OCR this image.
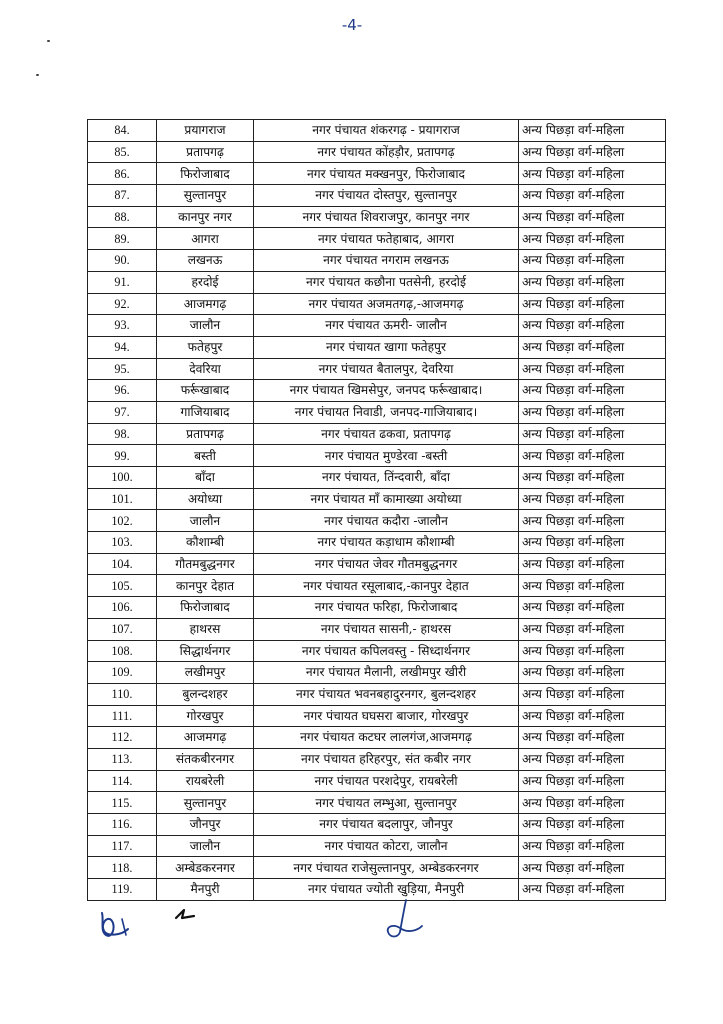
-4-
84.	प्रयागराज	नगर पंचायत शंकरगढ़ - प्रयागराज	अन्य पिछड़ा वर्ग-महिला
85.	प्रतापगढ़	नगर पंचायत कोंहड़ौर, प्रतापगढ़	अन्य पिछड़ा वर्ग-महिला
86.	फिरोजाबाद	नगर पंचायत मक्खनपुर, फिरोजाबाद	अन्य पिछड़ा वर्ग-महिला
87.	सुल्तानपुर	नगर पंचायत दोस्तपुर, सुल्तानपुर	अन्य पिछड़ा वर्ग-महिला
88.	कानपुर नगर	नगर पंचायत शिवराजपुर, कानपुर नगर	अन्य पिछड़ा वर्ग-महिला
89.	आगरा	नगर पंचायत फतेहाबाद, आगरा	अन्य पिछड़ा वर्ग-महिला
90.	लखनऊ	नगर पंचायत नगराम लखनऊ	अन्य पिछड़ा वर्ग-महिला
91.	हरदोई	नगर पंचायत कछौना पतसेनी, हरदोई	अन्य पिछड़ा वर्ग-महिला
92.	आजमगढ़	नगर पंचायत अजमतगढ़,-आजमगढ़	अन्य पिछड़ा वर्ग-महिला
93.	जालौन	नगर पंचायत ऊमरी- जालौन	अन्य पिछड़ा वर्ग-महिला
94.	फतेहपुर	नगर पंचायत खागा फतेहपुर	अन्य पिछड़ा वर्ग-महिला
95.	देवरिया	नगर पंचायत बैतालपुर, देवरिया	अन्य पिछड़ा वर्ग-महिला
96.	फर्रूखाबाद	नगर पंचायत खिमसेपुर, जनपद फर्रूखाबाद।	अन्य पिछड़ा वर्ग-महिला
97.	गाजियाबाद	नगर पंचायत निवाडी, जनपद-गाजियाबाद।	अन्य पिछड़ा वर्ग-महिला
98.	प्रतापगढ़	नगर पंचायत ढकवा, प्रतापगढ़	अन्य पिछड़ा वर्ग-महिला
99.	बस्ती	नगर पंचायत मुण्डेरवा -बस्ती	अन्य पिछड़ा वर्ग-महिला
100.	बाँदा	नगर पंचायत, तिंन्दवारी, बाँदा	अन्य पिछड़ा वर्ग-महिला
101.	अयोध्या	नगर पंचायत माँ कामाख्या अयोध्या	अन्य पिछड़ा वर्ग-महिला
102.	जालौन	नगर पंचायत कदौरा -जालौन	अन्य पिछड़ा वर्ग-महिला
103.	कौशाम्बी	नगर पंचायत कड़ाधाम कौशाम्बी	अन्य पिछड़ा वर्ग-महिला
104.	गौतमबुद्धनगर	नगर पंचायत जेवर गौतमबुद्धनगर	अन्य पिछड़ा वर्ग-महिला
105.	कानपुर देहात	नगर पंचायत रसूलाबाद,-कानपुर देहात	अन्य पिछड़ा वर्ग-महिला
106.	फिरोजाबाद	नगर पंचायत फरिहा, फिरोजाबाद	अन्य पिछड़ा वर्ग-महिला
107.	हाथरस	नगर पंचायत सासनी,- हाथरस	अन्य पिछड़ा वर्ग-महिला
108.	सिद्धार्थनगर	नगर पंचायत कपिलवस्तु - सिध्दार्थनगर	अन्य पिछड़ा वर्ग-महिला
109.	लखीमपुर	नगर पंचायत मैलानी, लखीमपुर खीरी	अन्य पिछड़ा वर्ग-महिला
110.	बुलन्दशहर	नगर पंचायत भवनबहादुरनगर, बुलन्दशहर	अन्य पिछड़ा वर्ग-महिला
111.	गोरखपुर	नगर पंचायत घघसरा बाजार, गोरखपुर	अन्य पिछड़ा वर्ग-महिला
112.	आजमगढ़	नगर पंचायत कटघर लालगंज,आजमगढ़	अन्य पिछड़ा वर्ग-महिला
113.	संतकबीरनगर	नगर पंचायत हरिहरपुर, संत कबीर नगर	अन्य पिछड़ा वर्ग-महिला
114.	रायबरेली	नगर पंचायत परशदेपुर, रायबरेली	अन्य पिछड़ा वर्ग-महिला
115.	सुल्तानपुर	नगर पंचायत लम्भुआ, सुल्तानपुर	अन्य पिछड़ा वर्ग-महिला
116.	जौनपुर	नगर पंचायत बदलापुर, जौनपुर	अन्य पिछड़ा वर्ग-महिला
117.	जालौन	नगर पंचायत कोटरा, जालौन	अन्य पिछड़ा वर्ग-महिला
118.	अम्बेडकरनगर	नगर पंचायत राजेसुल्तानपुर, अम्बेडकरनगर	अन्य पिछड़ा वर्ग-महिला
119.	मैनपुरी	नगर पंचायत ज्योती खुड़िया, मैनपुरी	अन्य पिछड़ा वर्ग-महिला
